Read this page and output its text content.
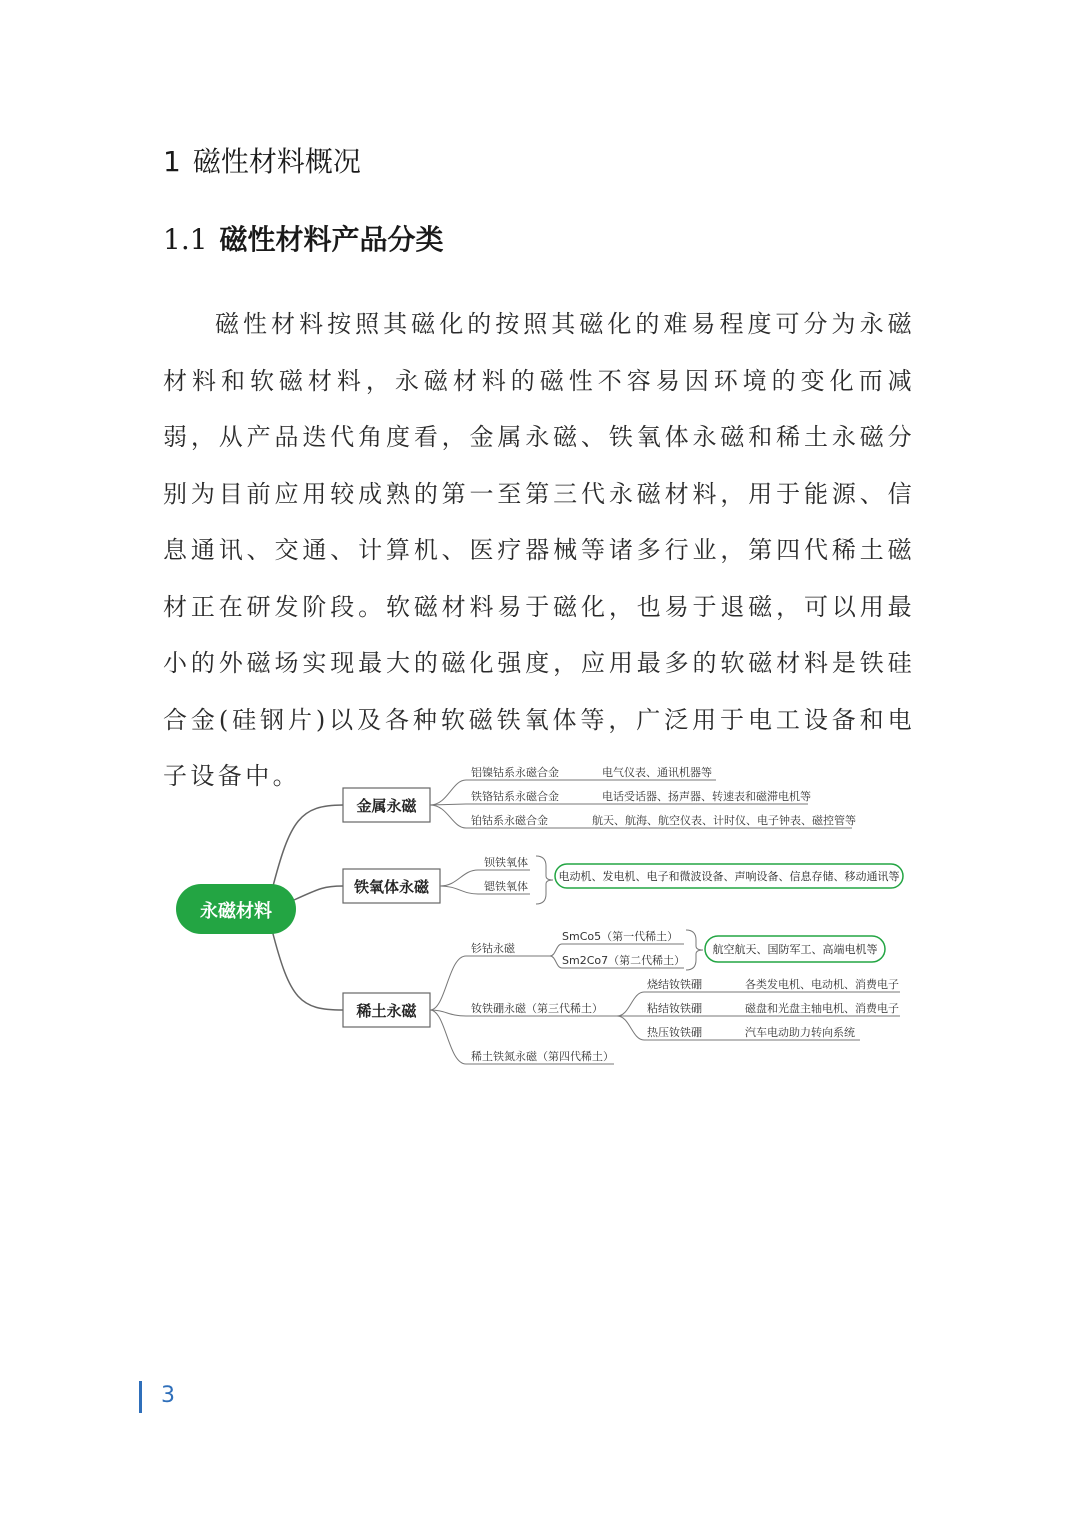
1 磁性材料概况
1.1 磁性材料产品分类

磁性材料按照其磁化的按照其磁化的难易程度可分为永磁材料和软磁材料，永磁材料的磁性不容易因环境的变化而减弱，从产品迭代角度看，金属永磁、铁氧体永磁和稀土永磁分别为目前应用较成熟的第一至第三代永磁材料，用于能源、信息通讯、交通、计算机、医疗器械等诸多行业，第四代稀土磁材正在研发阶段。软磁材料易于磁化，也易于退磁，可以用最小的外磁场实现最大的磁化强度，应用最多的软磁材料是铁硅合金(硅钢片)以及各种软磁铁氧体等，广泛用于电工设备和电子设备中。

永磁材料
金属永磁
铝镍钴系永磁合金	电气仪表、通讯机器等
铁铬钴系永磁合金	电话受话器、扬声器、转速表和磁滞电机等
铂钴系永磁合金	航天、航海、航空仪表、计时仪、电子钟表、磁控管等
铁氧体永磁
钡铁氧体
锶铁氧体
电动机、发电机、电子和微波设备、声响设备、信息存储、移动通讯等
稀土永磁
钐钴永磁
SmCo5（第一代稀土）
Sm2Co7（第二代稀土）
钕铁硼永磁（第三代稀土）
烧结钕铁硼	各类发电机、电动机、消费电子
粘结钕铁硼	磁盘和光盘主轴电机、消费电子
热压钕铁硼	汽车电动助力转向系统
稀土铁氮永磁（第四代稀土）
航空航天、国防军工、高端电机等
3
